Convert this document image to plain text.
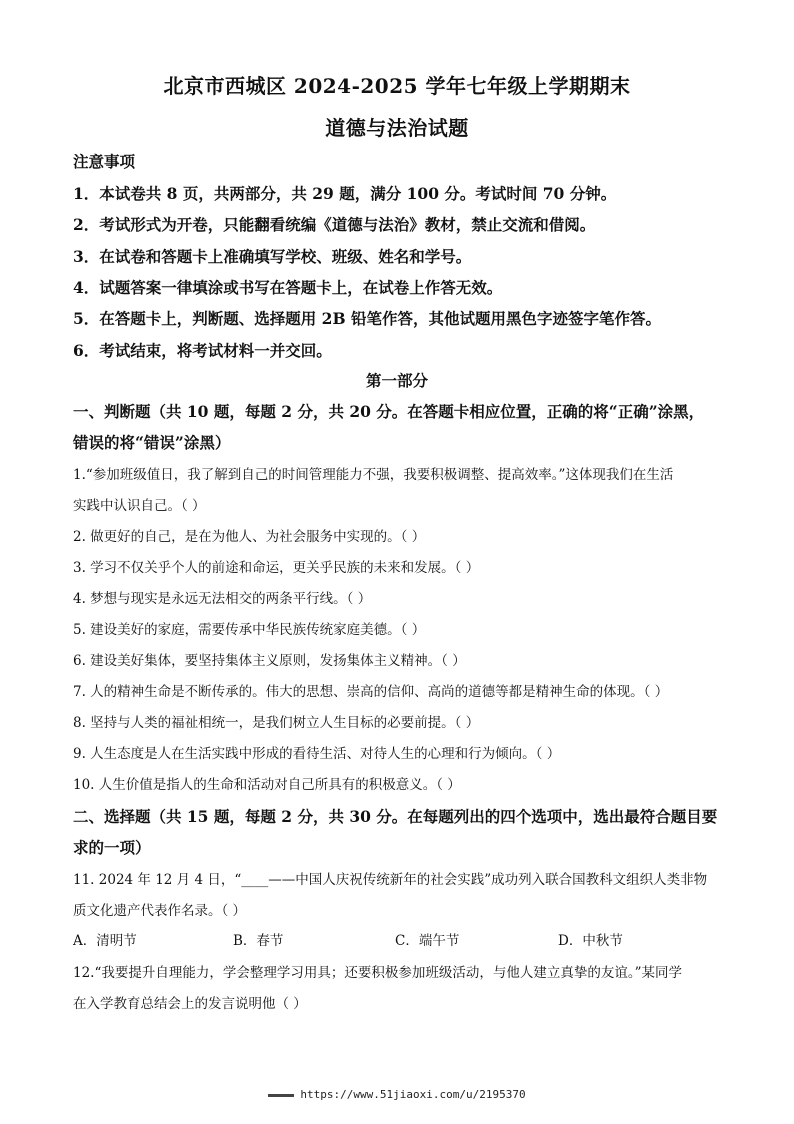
北京市西城区 2024-2025 学年七年级上学期期末
道德与法治试题
注意事项
1．本试卷共 8 页，共两部分，共 29 题，满分 100 分。考试时间 70 分钟。
2．考试形式为开卷，只能翻看统编《道德与法治》教材，禁止交流和借阅。
3．在试卷和答题卡上准确填写学校、班级、姓名和学号。
4．试题答案一律填涂或书写在答题卡上，在试卷上作答无效。
5．在答题卡上，判断题、选择题用 2B 铅笔作答，其他试题用黑色字迹签字笔作答。
6．考试结束，将考试材料一并交回。
第一部分
一、判断题（共 10 题，每题 2 分，共 20 分。在答题卡相应位置，正确的将“正确”涂黑，
错误的将“错误”涂黑）
1.“参加班级值日，我了解到自己的时间管理能力不强，我要积极调整、提高效率。”这体现我们在生活
实践中认识自己。（ ）
2. 做更好的自己，是在为他人、为社会服务中实现的。（ ）
3. 学习不仅关乎个人的前途和命运，更关乎民族的未来和发展。（ ）
4. 梦想与现实是永远无法相交的两条平行线。（ ）
5. 建设美好的家庭，需要传承中华民族传统家庭美德。（ ）
6. 建设美好集体，要坚持集体主义原则，发扬集体主义精神。（ ）
7. 人的精神生命是不断传承的。伟大的思想、崇高的信仰、高尚的道德等都是精神生命的体现。（ ）
8. 坚持与人类的福祉相统一，是我们树立人生目标的必要前提。（ ）
9. 人生态度是人在生活实践中形成的看待生活、对待人生的心理和行为倾向。（ ）
10. 人生价值是指人的生命和活动对自己所具有的积极意义。（ ）
二、选择题（共 15 题，每题 2 分，共 30 分。在每题列出的四个选项中，选出最符合题目要
求的一项）
11. 2024 年 12 月 4 日，“____——中国人庆祝传统新年的社会实践”成功列入联合国教科文组织人类非物
质文化遗产代表作名录。（ ）
A．清明节	B．春节	C．端午节	D．中秋节
12.“我要提升自理能力，学会整理学习用具；还要积极参加班级活动，与他人建立真挚的友谊。”某同学
在入学教育总结会上的发言说明他（ ）
https://www.51jiaoxi.com/u/2195370
